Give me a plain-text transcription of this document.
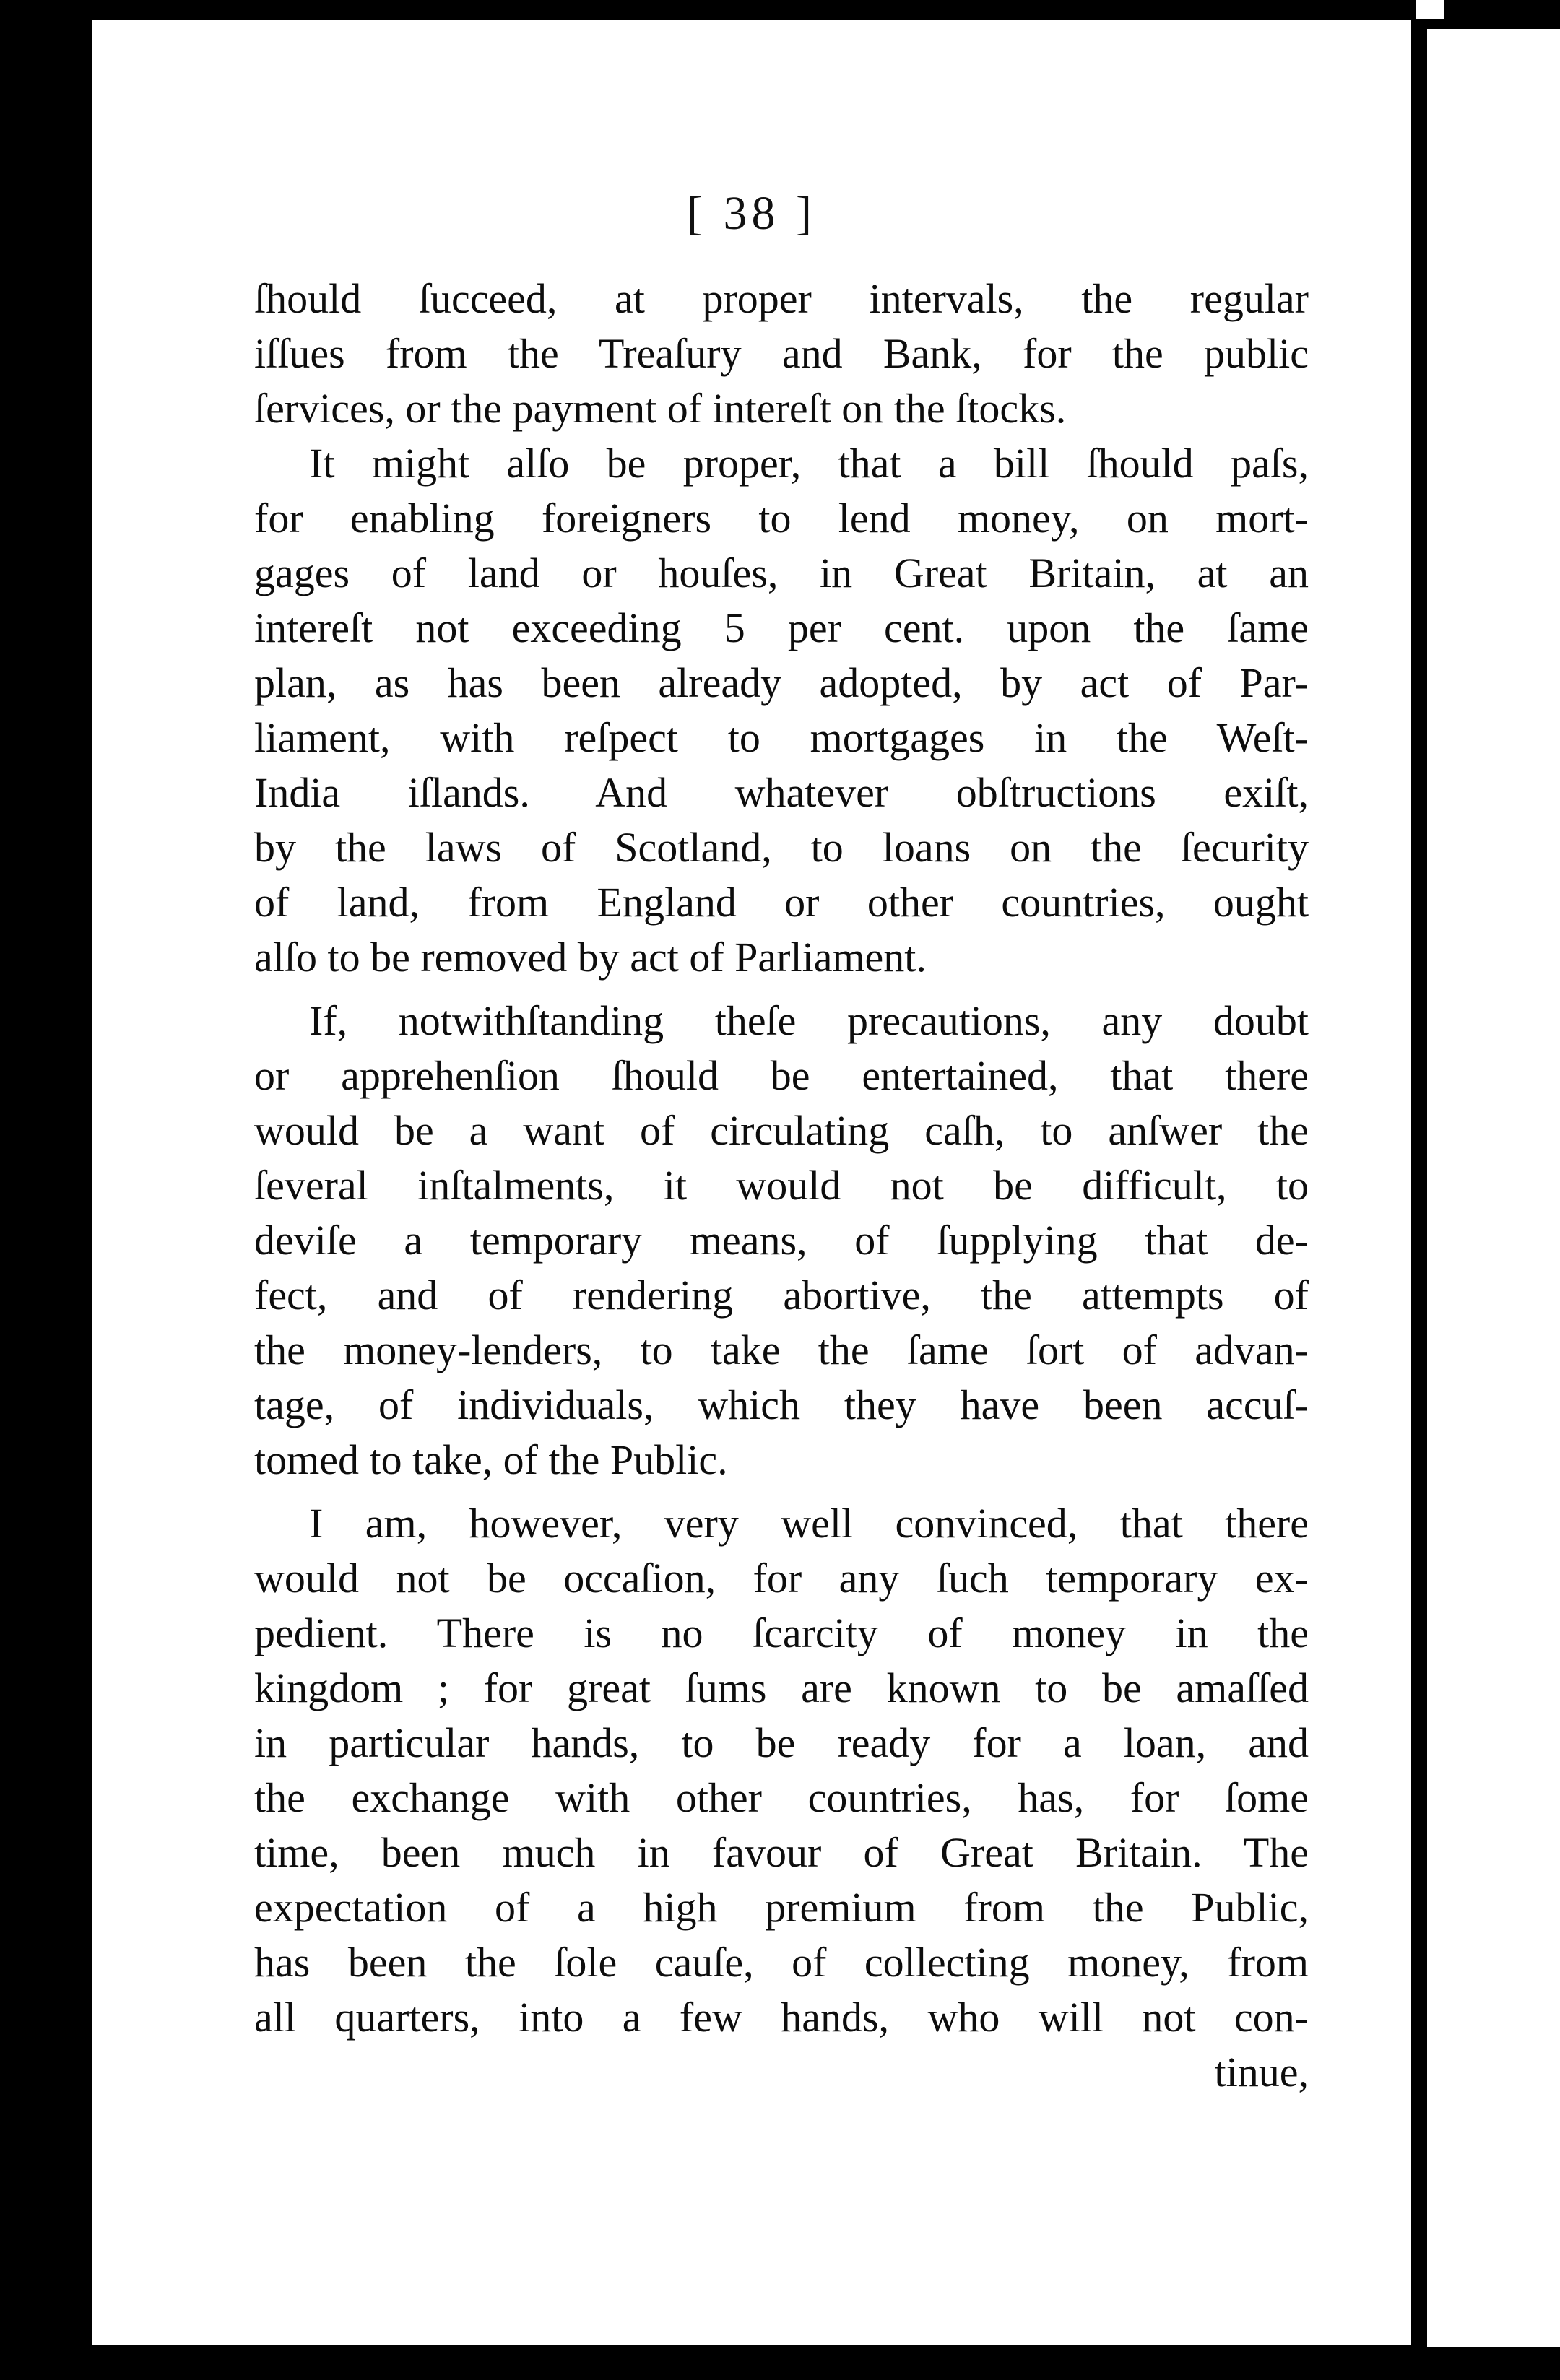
[ 38 ]
ſhould ſucceed, at proper intervals, the regular
iſſues from the Treaſury and Bank, for the public
ſervices, or the payment of intereſt on the ſtocks.
It might alſo be proper, that a bill ſhould paſs,
for enabling foreigners to lend money, on mort-
gages of land or houſes, in Great Britain, at an
intereſt not exceeding 5 per cent. upon the ſame
plan, as has been already adopted, by act of Par-
liament, with reſpect to mortgages in the Weſt-
India iſlands. And whatever obſtructions exiſt,
by the laws of Scotland, to loans on the ſecurity
of land, from England or other countries, ought
alſo to be removed by act of Parliament.
If, notwithſtanding theſe precautions, any doubt
or apprehenſion ſhould be entertained, that there
would be a want of circulating caſh, to anſwer the
ſeveral inſtalments, it would not be difficult, to
deviſe a temporary means, of ſupplying that de-
fect, and of rendering abortive, the attempts of
the money-lenders, to take the ſame ſort of advan-
tage, of individuals, which they have been accuſ-
tomed to take, of the Public.
I am, however, very well convinced, that there
would not be occaſion, for any ſuch temporary ex-
pedient. There is no ſcarcity of money in the
kingdom ; for great ſums are known to be amaſſed
in particular hands, to be ready for a loan, and
the exchange with other countries, has, for ſome
time, been much in favour of Great Britain. The
expectation of a high premium from the Public,
has been the ſole cauſe, of collecting money, from
all quarters, into a few hands, who will not con-
tinue,
